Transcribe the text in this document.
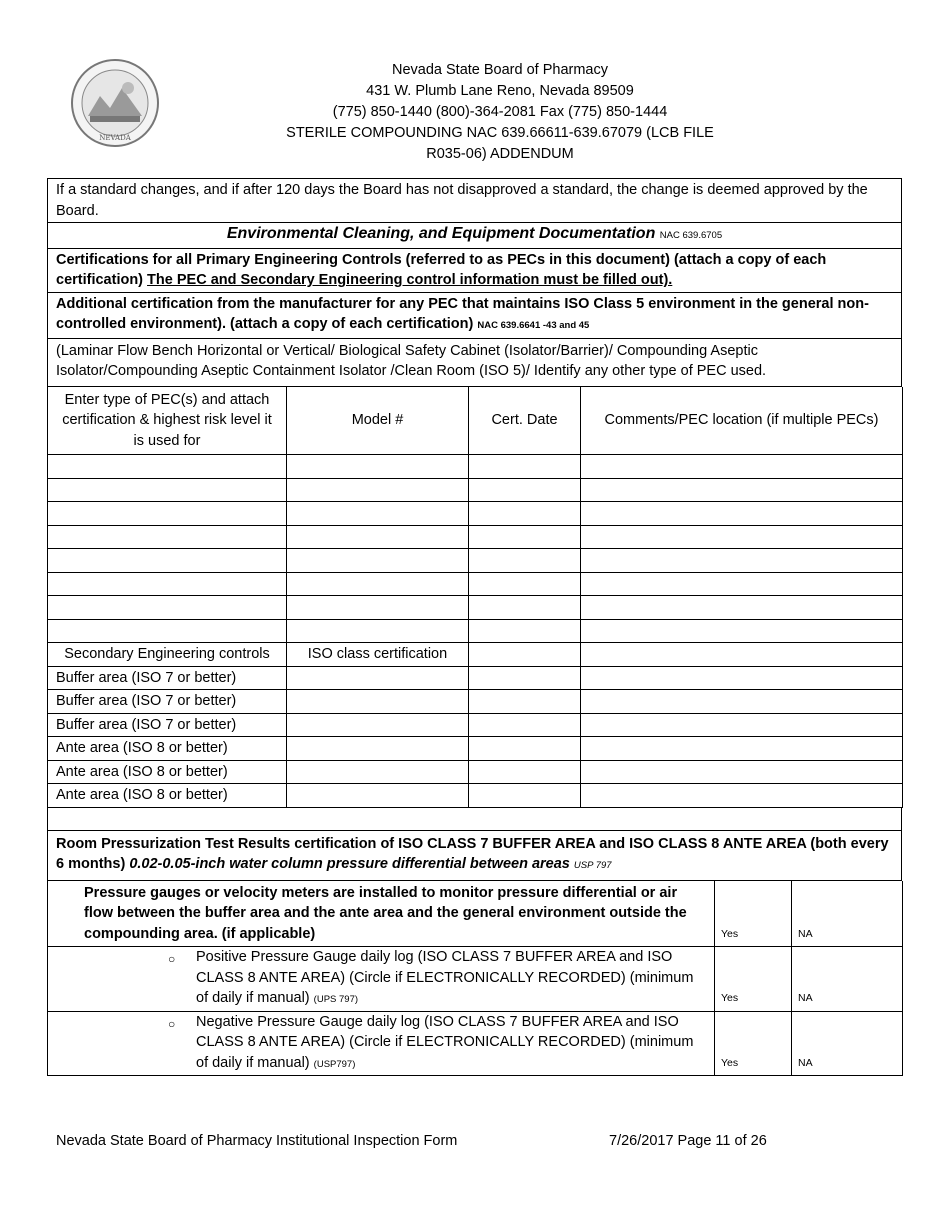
NEVADA
Nevada State Board of Pharmacy
431 W. Plumb Lane Reno, Nevada 89509
(775) 850-1440 (800)-364-2081 Fax (775) 850-1444
STERILE COMPOUNDING NAC 639.66611-639.67079 (LCB FILE
R035-06) ADDENDUM
If a standard changes, and if after 120 days the Board has not disapproved a standard, the change is deemed approved by the Board.
Environmental Cleaning, and Equipment Documentation NAC 639.6705
Certifications for all Primary Engineering Controls (referred to as PECs in this document) (attach a copy of each certification) The PEC and Secondary Engineering control information must be filled out).
Additional certification from the manufacturer for any PEC that maintains ISO Class 5 environment in the general non-controlled environment). (attach a copy of each certification) NAC 639.6641 -43 and 45
(Laminar Flow Bench Horizontal or Vertical/ Biological Safety Cabinet (Isolator/Barrier)/ Compounding Aseptic Isolator/Compounding Aseptic Containment Isolator /Clean Room (ISO 5)/ Identify any other type of PEC used.
Enter type of PEC(s) and attach certification & highest risk level it is used for	Model #	Cert. Date	Comments/PEC location (if multiple PECs)

Secondary Engineering controls	ISO class certification		
Buffer area (ISO 7 or better)			
Buffer area (ISO 7 or better)			
Buffer area (ISO 7 or better)			
Ante area (ISO 8 or better)			
Ante area (ISO 8 or better)			
Ante area (ISO 8 or better)			
Room Pressurization Test Results certification of ISO CLASS 7 BUFFER AREA and ISO CLASS 8 ANTE AREA (both every 6 months) 0.02-0.05-inch water column pressure differential between areas USP 797
Pressure gauges or velocity meters are installed to monitor pressure differential or air flow between the buffer area and the ante area and the general environment outside the compounding area. (if applicable)	Yes	NA

○ Positive Pressure Gauge daily log (ISO CLASS 7 BUFFER AREA and ISO CLASS 8 ANTE AREA) (Circle if ELECTRONICALLY RECORDED) (minimum of daily if manual) (UPS 797)	Yes	NA

○ Negative Pressure Gauge daily log (ISO CLASS 7 BUFFER AREA and ISO CLASS 8 ANTE AREA) (Circle if ELECTRONICALLY RECORDED) (minimum of daily if manual) (USP797)	Yes	NA
Nevada State Board of Pharmacy Institutional Inspection Form	7/26/2017 Page 11 of 26
